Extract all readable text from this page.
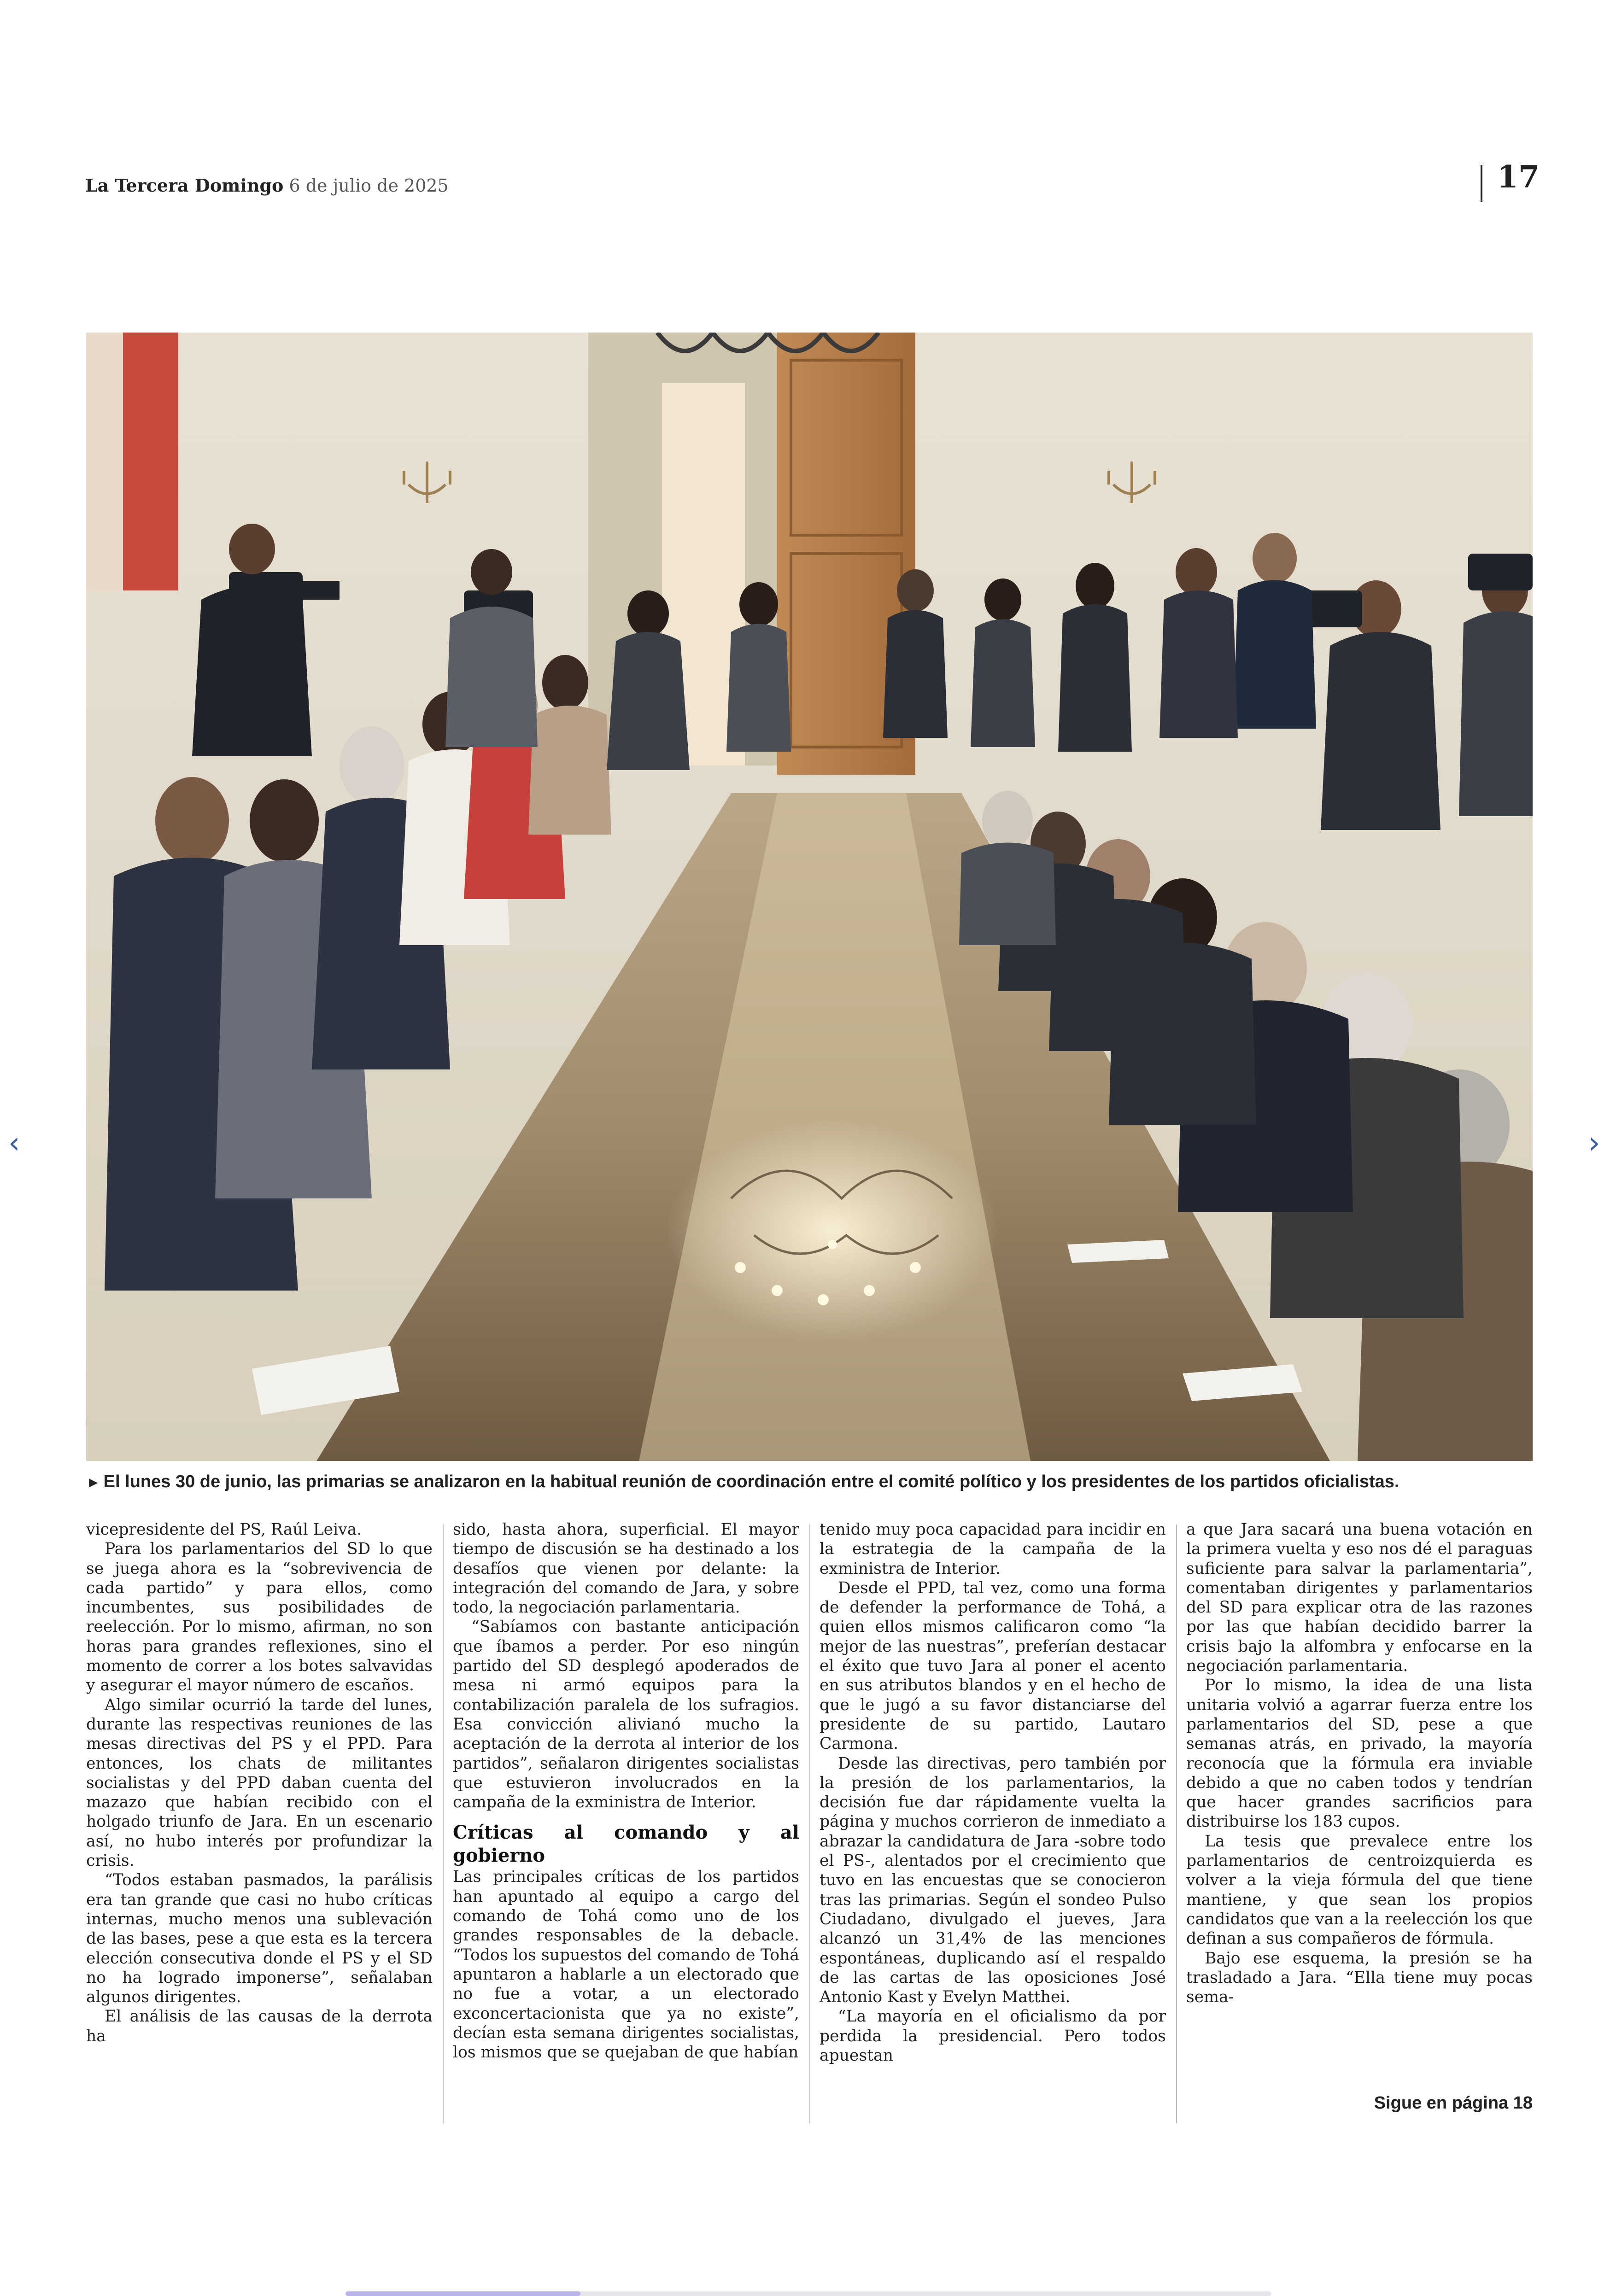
La Tercera Domingo 6 de julio de 2025	17
► El lunes 30 de junio, las primarias se analizaron en la habitual reunión de coordinación entre el comité político y los presidentes de los partidos oficialistas.
‹	›

vicepresidente del PS, Raúl Leiva.

Para los parlamentarios del SD lo que se juega ahora es la “sobrevivencia de cada partido” y para ellos, como incumbentes, sus posibilidades de reelección. Por lo mismo, afirman, no son horas para grandes reflexiones, sino el momento de correr a los botes salvavidas y asegurar el mayor número de escaños.

Algo similar ocurrió la tarde del lunes, durante las respectivas reuniones de las mesas directivas del PS y el PPD. Para entonces, los chats de militantes socialistas y del PPD daban cuenta del mazazo que habían recibido con el holgado triunfo de Jara. En un escenario así, no hubo interés por profundizar la crisis.

“Todos estaban pasmados, la parálisis era tan grande que casi no hubo críticas internas, mucho menos una sublevación de las bases, pese a que esta es la tercera elección consecutiva donde el PS y el SD no ha logrado imponerse”, señalaban algunos dirigentes.

El análisis de las causas de la derrota ha

sido, hasta ahora, superficial. El mayor tiempo de discusión se ha destinado a los desafíos que vienen por delante: la integración del comando de Jara, y sobre todo, la negociación parlamentaria.

“Sabíamos con bastante anticipación que íbamos a perder. Por eso ningún partido del SD desplegó apoderados de mesa ni armó equipos para la contabilización paralela de los sufragios. Esa convicción alivianó mucho la aceptación de la derrota al interior de los partidos”, señalaron dirigentes socialistas que estuvieron involucrados en la campaña de la exministra de Interior.

Críticas al comando y al gobierno

Las principales críticas de los partidos han apuntado al equipo a cargo del comando de Tohá como uno de los grandes responsables de la debacle. “Todos los supuestos del comando de Tohá apuntaron a hablarle a un electorado que no fue a votar, a un electorado exconcertacionista que ya no existe”, decían esta semana dirigentes socialistas, los mismos que se quejaban de que habían

tenido muy poca capacidad para incidir en la estrategia de la campaña de la exministra de Interior.

Desde el PPD, tal vez, como una forma de defender la performance de Tohá, a quien ellos mismos calificaron como “la mejor de las nuestras”, preferían destacar el éxito que tuvo Jara al poner el acento en sus atributos blandos y en el hecho de que le jugó a su favor distanciarse del presidente de su partido, Lautaro Carmona.

Desde las directivas, pero también por la presión de los parlamentarios, la decisión fue dar rápidamente vuelta la página y muchos corrieron de inmediato a abrazar la candidatura de Jara -sobre todo el PS-, alentados por el crecimiento que tuvo en las encuestas que se conocieron tras las primarias. Según el sondeo Pulso Ciudadano, divulgado el jueves, Jara alcanzó un 31,4% de las menciones espontáneas, duplicando así el respaldo de las cartas de las oposiciones José Antonio Kast y Evelyn Matthei.

“La mayoría en el oficialismo da por perdida la presidencial. Pero todos apuestan

a que Jara sacará una buena votación en la primera vuelta y eso nos dé el paraguas suficiente para salvar la parlamentaria”, comentaban dirigentes y parlamentarios del SD para explicar otra de las razones por las que habían decidido barrer la crisis bajo la alfombra y enfocarse en la negociación parlamentaria.

Por lo mismo, la idea de una lista unitaria volvió a agarrar fuerza entre los parlamentarios del SD, pese a que semanas atrás, en privado, la mayoría reconocía que la fórmula era inviable debido a que no caben todos y tendrían que hacer grandes sacrificios para distribuirse los 183 cupos.

La tesis que prevalece entre los parlamentarios de centroizquierda es volver a la vieja fórmula del que tiene mantiene, y que sean los propios candidatos que van a la reelección los que definan a sus compañeros de fórmula.

Bajo ese esquema, la presión se ha trasladado a Jara. “Ella tiene muy pocas sema-

Sigue en página 18
